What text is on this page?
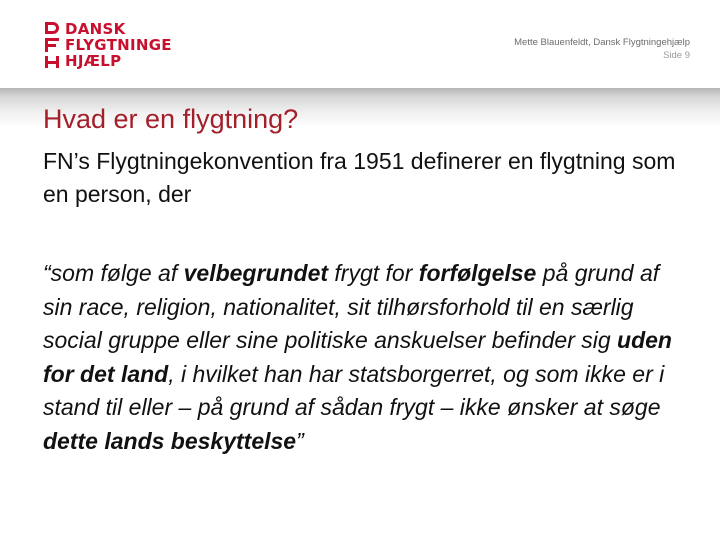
DANSK
FLYGTNINGE
HJÆLP
Mette Blauenfeldt, Dansk Flygtningehjælp
Side 9
Hvad er en flygtning?
FN’s Flygtningekonvention fra 1951 definerer en flygtning som en person, der
“som følge af velbegrundet frygt for forfølgelse på grund af sin race, religion, nationalitet, sit tilhørsforhold til en særlig social gruppe eller sine politiske anskuelser befinder sig uden for det land, i hvilket han har statsborgerret, og som ikke er i stand til eller – på grund af sådan frygt – ikke ønsker at søge dette lands beskyttelse”
